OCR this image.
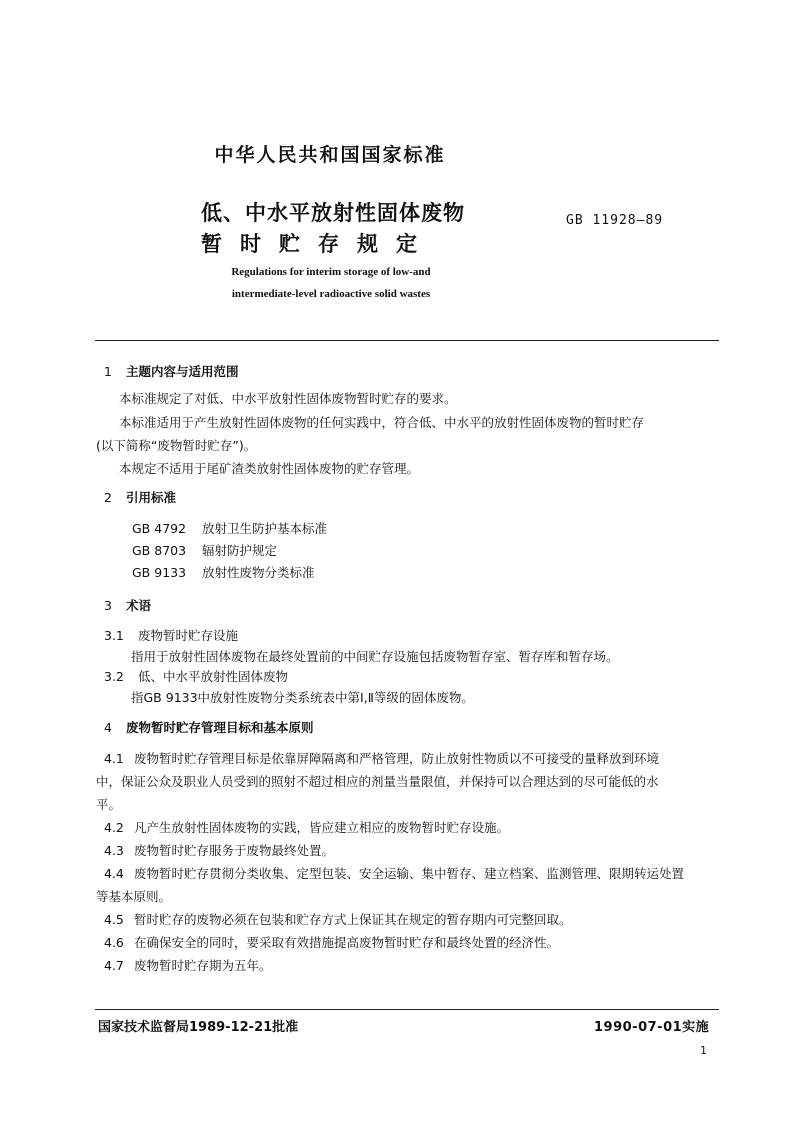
中华人民共和国国家标准
低、中水平放射性固体废物
暂时贮存规定
GB 11928—89
Regulations for interim storage of low-and
intermediate-level radioactive solid wastes
1 主题内容与适用范围
本标准规定了对低、中水平放射性固体废物暂时贮存的要求。
本标准适用于产生放射性固体废物的任何实践中，符合低、中水平的放射性固体废物的暂时贮存
(以下简称“废物暂时贮存”)。
本规定不适用于尾矿渣类放射性固体废物的贮存管理。
2 引用标准
GB 4792 放射卫生防护基本标准
GB 8703 辐射防护规定
GB 9133 放射性废物分类标准
3 术语
3.1 废物暂时贮存设施
指用于放射性固体废物在最终处置前的中间贮存设施包括废物暂存室、暂存库和暂存场。
3.2 低、中水平放射性固体废物
指GB 9133中放射性废物分类系统表中第Ⅰ,Ⅱ等级的固体废物。
4 废物暂时贮存管理目标和基本原则
4.1 废物暂时贮存管理目标是依靠屏障隔离和严格管理，防止放射性物质以不可接受的量释放到环境
中，保证公众及职业人员受到的照射不超过相应的剂量当量限值，并保持可以合理达到的尽可能低的水
平。
4.2 凡产生放射性固体废物的实践，皆应建立相应的废物暂时贮存设施。
4.3 废物暂时贮存服务于废物最终处置。
4.4 废物暂时贮存贯彻分类收集、定型包装、安全运输、集中暂存、建立档案、监测管理、限期转运处置
等基本原则。
4.5 暂时贮存的废物必须在包装和贮存方式上保证其在规定的暂存期内可完整回取。
4.6 在确保安全的同时，要采取有效措施提高废物暂时贮存和最终处置的经济性。
4.7 废物暂时贮存期为五年。
国家技术监督局1989-12-21批准	1990-07-01实施
1
